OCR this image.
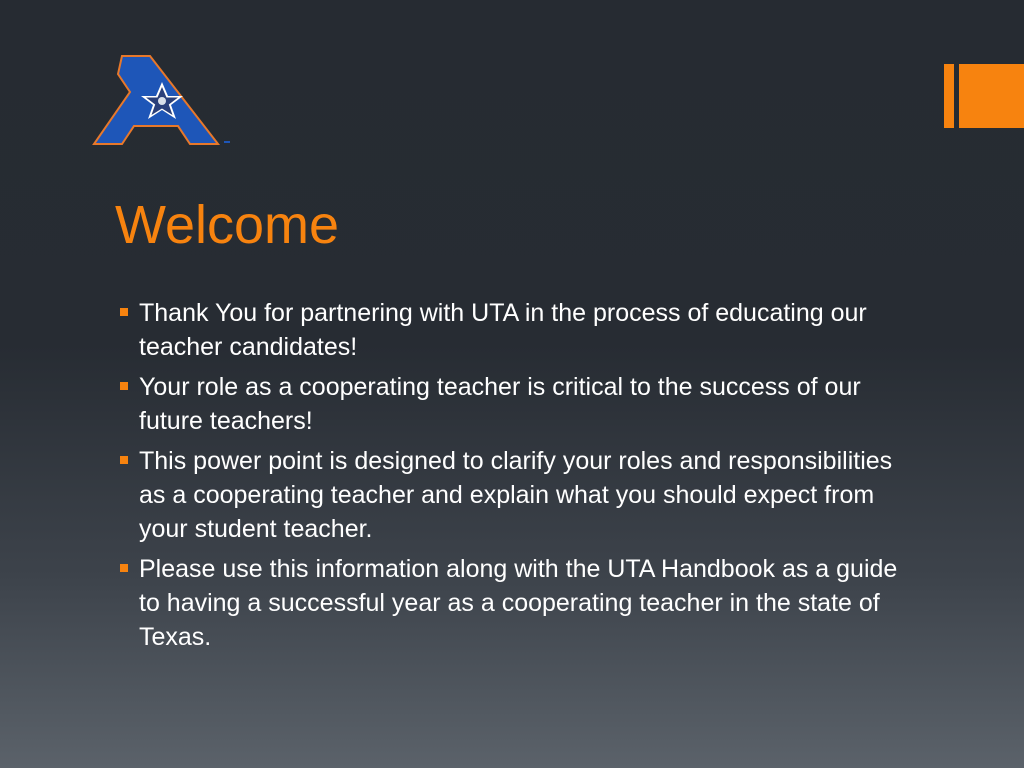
Welcome
Thank You for partnering with UTA in the process of educating our teacher candidates!
Your role as a cooperating teacher is critical to the success of our future teachers!
This power point is designed to clarify your roles and responsibilities as a cooperating teacher and explain what you should expect from your student teacher.
Please use this information along with the UTA Handbook as a guide to having a successful year as a cooperating teacher in the state of Texas.
